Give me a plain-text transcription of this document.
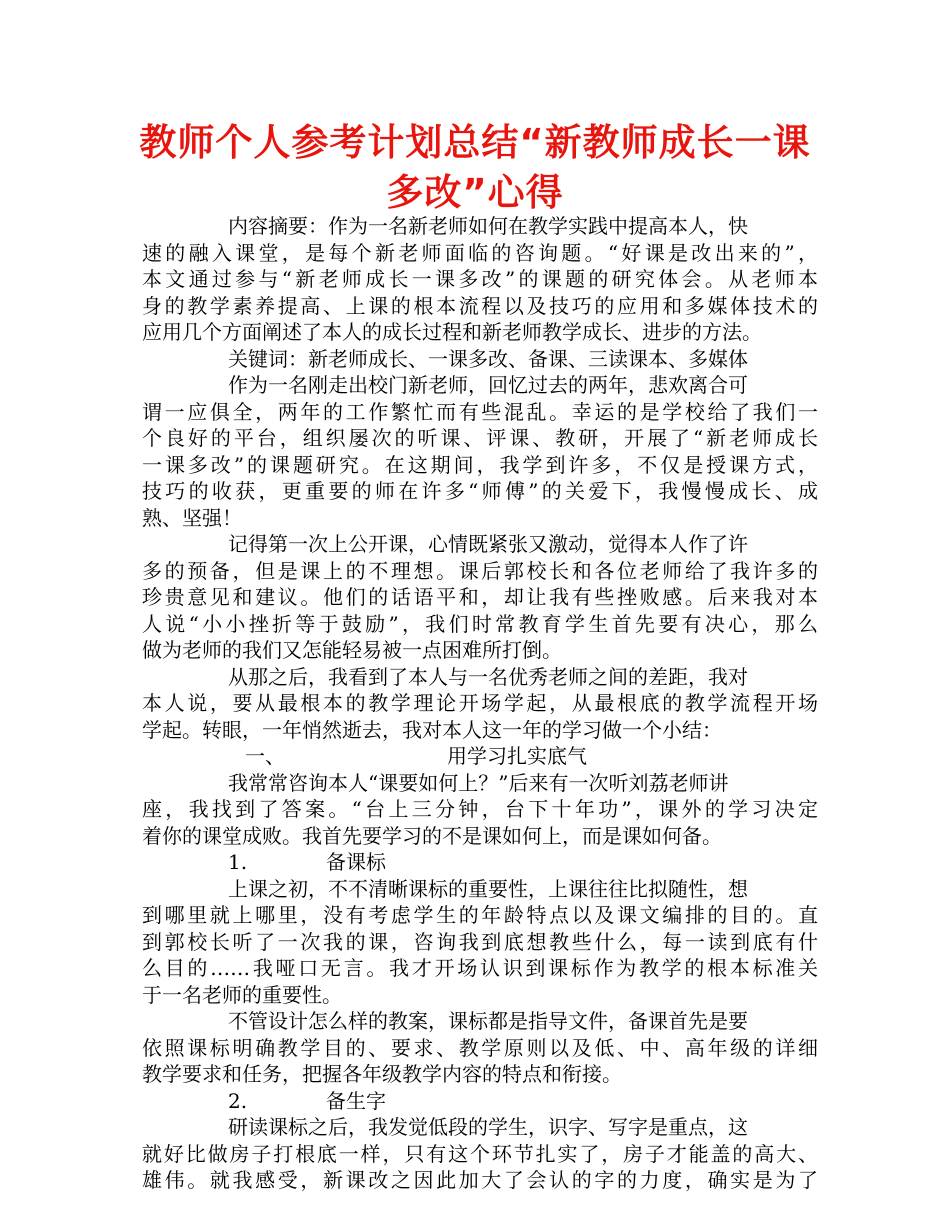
教师个人参考计划总结“新教师成长一课
多改”心得
内容摘要：作为一名新老师如何在教学实践中提高本人，快
速的融入课堂，是每个新老师面临的咨询题。“好课是改出来的”，
本文通过参与“新老师成长一课多改”的课题的研究体会。从老师本
身的教学素养提高、上课的根本流程以及技巧的应用和多媒体技术的
应用几个方面阐述了本人的成长过程和新老师教学成长、进步的方法。
关键词：新老师成长、一课多改、备课、三读课本、多媒体
作为一名刚走出校门新老师，回忆过去的两年，悲欢离合可
谓一应俱全，两年的工作繁忙而有些混乱。幸运的是学校给了我们一
个良好的平台，组织屡次的听课、评课、教研，开展了“新老师成长
一课多改”的课题研究。在这期间，我学到许多，不仅是授课方式，
技巧的收获，更重要的师在许多“师傅”的关爱下，我慢慢成长、成
熟、坚强！
记得第一次上公开课，心情既紧张又激动，觉得本人作了许
多的预备，但是课上的不理想。课后郭校长和各位老师给了我许多的
珍贵意见和建议。他们的话语平和，却让我有些挫败感。后来我对本
人说“小小挫折等于鼓励”，我们时常教育学生首先要有决心，那么
做为老师的我们又怎能轻易被一点困难所打倒。
从那之后，我看到了本人与一名优秀老师之间的差距，我对
本人说，要从最根本的教学理论开场学起，从最根底的教学流程开场
学起。转眼，一年悄然逝去，我对本人这一年的学习做一个小结：
一、	用学习扎实底气
我常常咨询本人“课要如何上？”后来有一次听刘荔老师讲
座，我找到了答案。“台上三分钟，台下十年功”，课外的学习决定
着你的课堂成败。我首先要学习的不是课如何上，而是课如何备。
1.	备课标
上课之初，不不清晰课标的重要性，上课往往比拟随性，想
到哪里就上哪里，没有考虑学生的年龄特点以及课文编排的目的。直
到郭校长听了一次我的课，咨询我到底想教些什么，每一读到底有什
么目的……我哑口无言。我才开场认识到课标作为教学的根本标准关
于一名老师的重要性。
不管设计怎么样的教案，课标都是指导文件，备课首先是要
依照课标明确教学目的、要求、教学原则以及低、中、高年级的详细
教学要求和任务，把握各年级教学内容的特点和衔接。
2.	备生字
研读课标之后，我发觉低段的学生，识字、写字是重点，这
就好比做房子打根底一样，只有这个环节扎实了，房子才能盖的高大、
雄伟。就我感受，新课改之因此加大了会认的字的力度，确实是为了
